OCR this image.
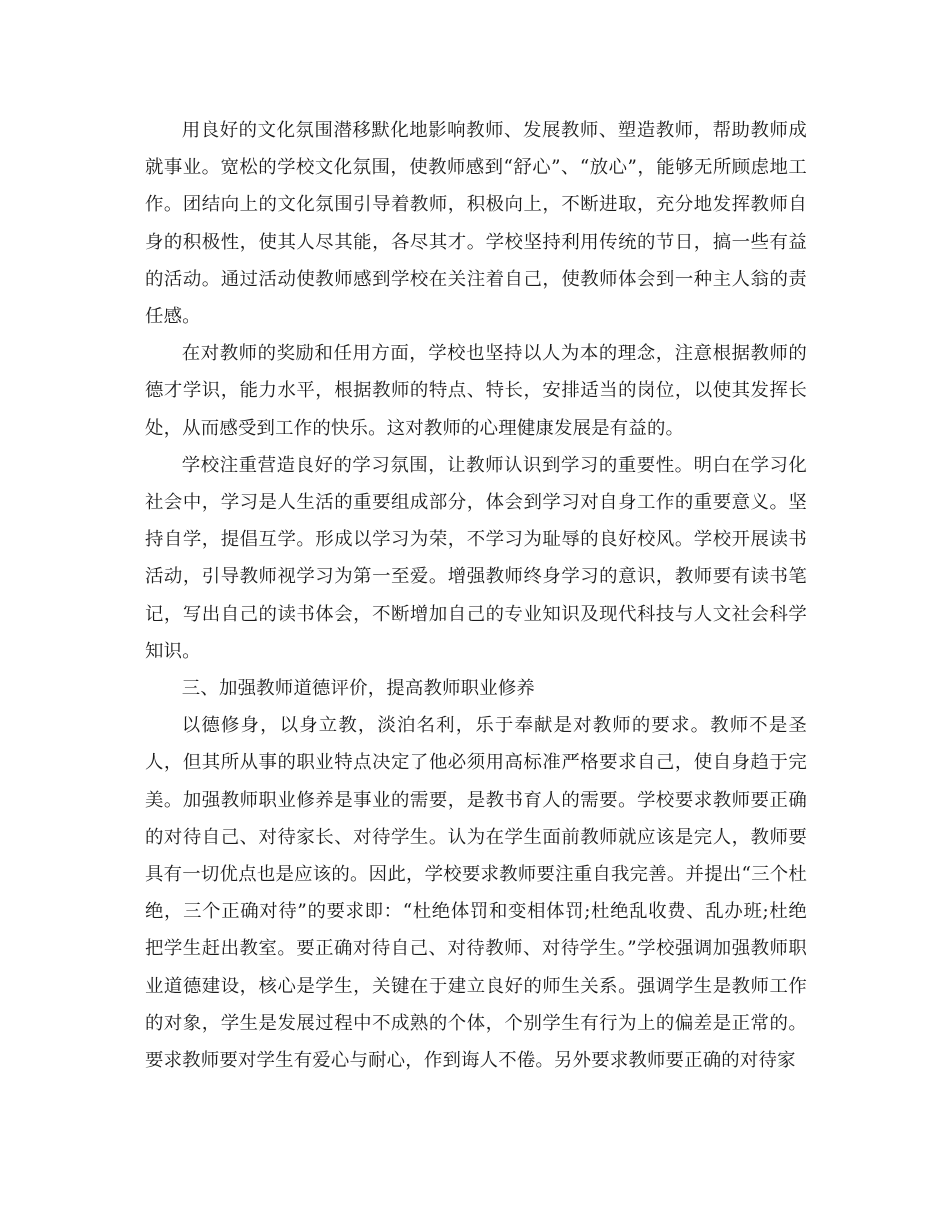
用良好的文化氛围潜移默化地影响教师、发展教师、塑造教师，帮助教师成就事业。宽松的学校文化氛围，使教师感到“舒心”、“放心”，能够无所顾虑地工作。团结向上的文化氛围引导着教师，积极向上，不断进取，充分地发挥教师自身的积极性，使其人尽其能，各尽其才。学校坚持利用传统的节日，搞一些有益的活动。通过活动使教师感到学校在关注着自己，使教师体会到一种主人翁的责任感。

在对教师的奖励和任用方面，学校也坚持以人为本的理念，注意根据教师的德才学识，能力水平，根据教师的特点、特长，安排适当的岗位，以使其发挥长处，从而感受到工作的快乐。这对教师的心理健康发展是有益的。

学校注重营造良好的学习氛围，让教师认识到学习的重要性。明白在学习化社会中，学习是人生活的重要组成部分，体会到学习对自身工作的重要意义。坚持自学，提倡互学。形成以学习为荣，不学习为耻辱的良好校风。学校开展读书活动，引导教师视学习为第一至爱。增强教师终身学习的意识，教师要有读书笔记，写出自己的读书体会，不断增加自己的专业知识及现代科技与人文社会科学知识。

三、加强教师道德评价，提高教师职业修养

以德修身，以身立教，淡泊名利，乐于奉献是对教师的要求。教师不是圣人，但其所从事的职业特点决定了他必须用高标准严格要求自己，使自身趋于完美。加强教师职业修养是事业的需要，是教书育人的需要。学校要求教师要正确的对待自己、对待家长、对待学生。认为在学生面前教师就应该是完人，教师要具有一切优点也是应该的。因此，学校要求教师要注重自我完善。并提出“三个杜绝，三个正确对待”的要求即：“杜绝体罚和变相体罚;杜绝乱收费、乱办班;杜绝把学生赶出教室。要正确对待自己、对待教师、对待学生。”学校强调加强教师职业道德建设，核心是学生，关键在于建立良好的师生关系。强调学生是教师工作的对象，学生是发展过程中不成熟的个体，个别学生有行为上的偏差是正常的。要求教师要对学生有爱心与耐心，作到诲人不倦。另外要求教师要正确的对待家
